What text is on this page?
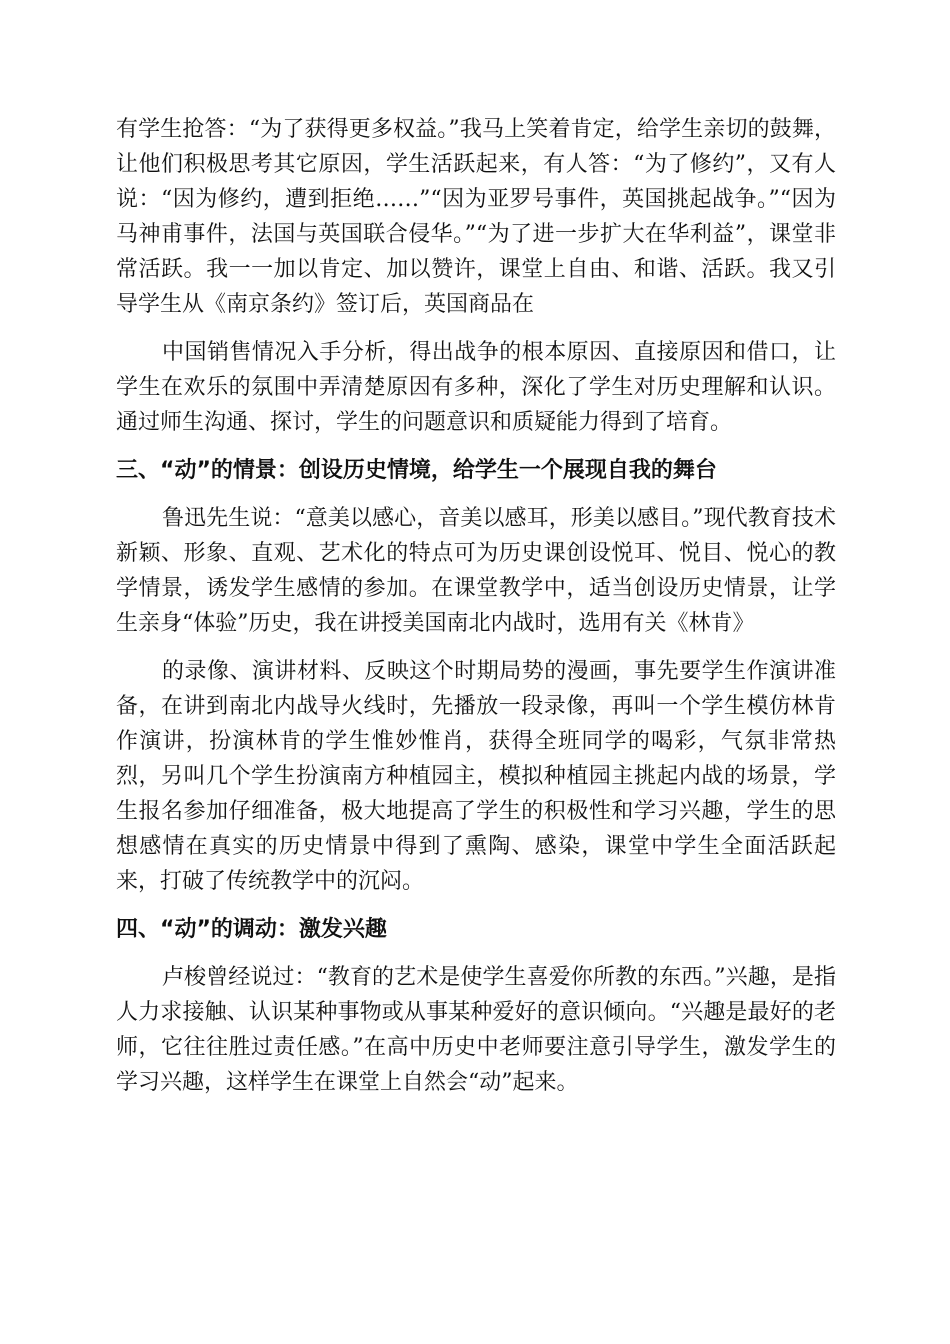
有学生抢答：“为了获得更多权益。”我马上笑着肯定，给学生亲切的鼓舞，让他们积极思考其它原因，学生活跃起来，有人答：“为了修约”，又有人说：“因为修约，遭到拒绝……”“因为亚罗号事件，英国挑起战争。”“因为马神甫事件，法国与英国联合侵华。”“为了进一步扩大在华利益”，课堂非常活跃。我一一加以肯定、加以赞许，课堂上自由、和谐、活跃。我又引导学生从《南京条约》签订后，英国商品在

中国销售情况入手分析，得出战争的根本原因、直接原因和借口，让学生在欢乐的氛围中弄清楚原因有多种，深化了学生对历史理解和认识。通过师生沟通、探讨，学生的问题意识和质疑能力得到了培育。

三、“动”的情景：创设历史情境，给学生一个展现自我的舞台

鲁迅先生说：“意美以感心，音美以感耳，形美以感目。”现代教育技术新颖、形象、直观、艺术化的特点可为历史课创设悦耳、悦目、悦心的教学情景，诱发学生感情的参加。在课堂教学中，适当创设历史情景，让学生亲身“体验”历史，我在讲授美国南北内战时，选用有关《林肯》

的录像、演讲材料、反映这个时期局势的漫画，事先要学生作演讲准备，在讲到南北内战导火线时，先播放一段录像，再叫一个学生模仿林肯作演讲，扮演林肯的学生惟妙惟肖，获得全班同学的喝彩，气氛非常热烈，另叫几个学生扮演南方种植园主，模拟种植园主挑起内战的场景，学生报名参加仔细准备，极大地提高了学生的积极性和学习兴趣，学生的思想感情在真实的历史情景中得到了熏陶、感染，课堂中学生全面活跃起来，打破了传统教学中的沉闷。

四、“动”的调动：激发兴趣

卢梭曾经说过：“教育的艺术是使学生喜爱你所教的东西。”兴趣，是指人力求接触、认识某种事物或从事某种爱好的意识倾向。“兴趣是最好的老师，它往往胜过责任感。”在高中历史中老师要注意引导学生，激发学生的学习兴趣，这样学生在课堂上自然会“动”起来。
